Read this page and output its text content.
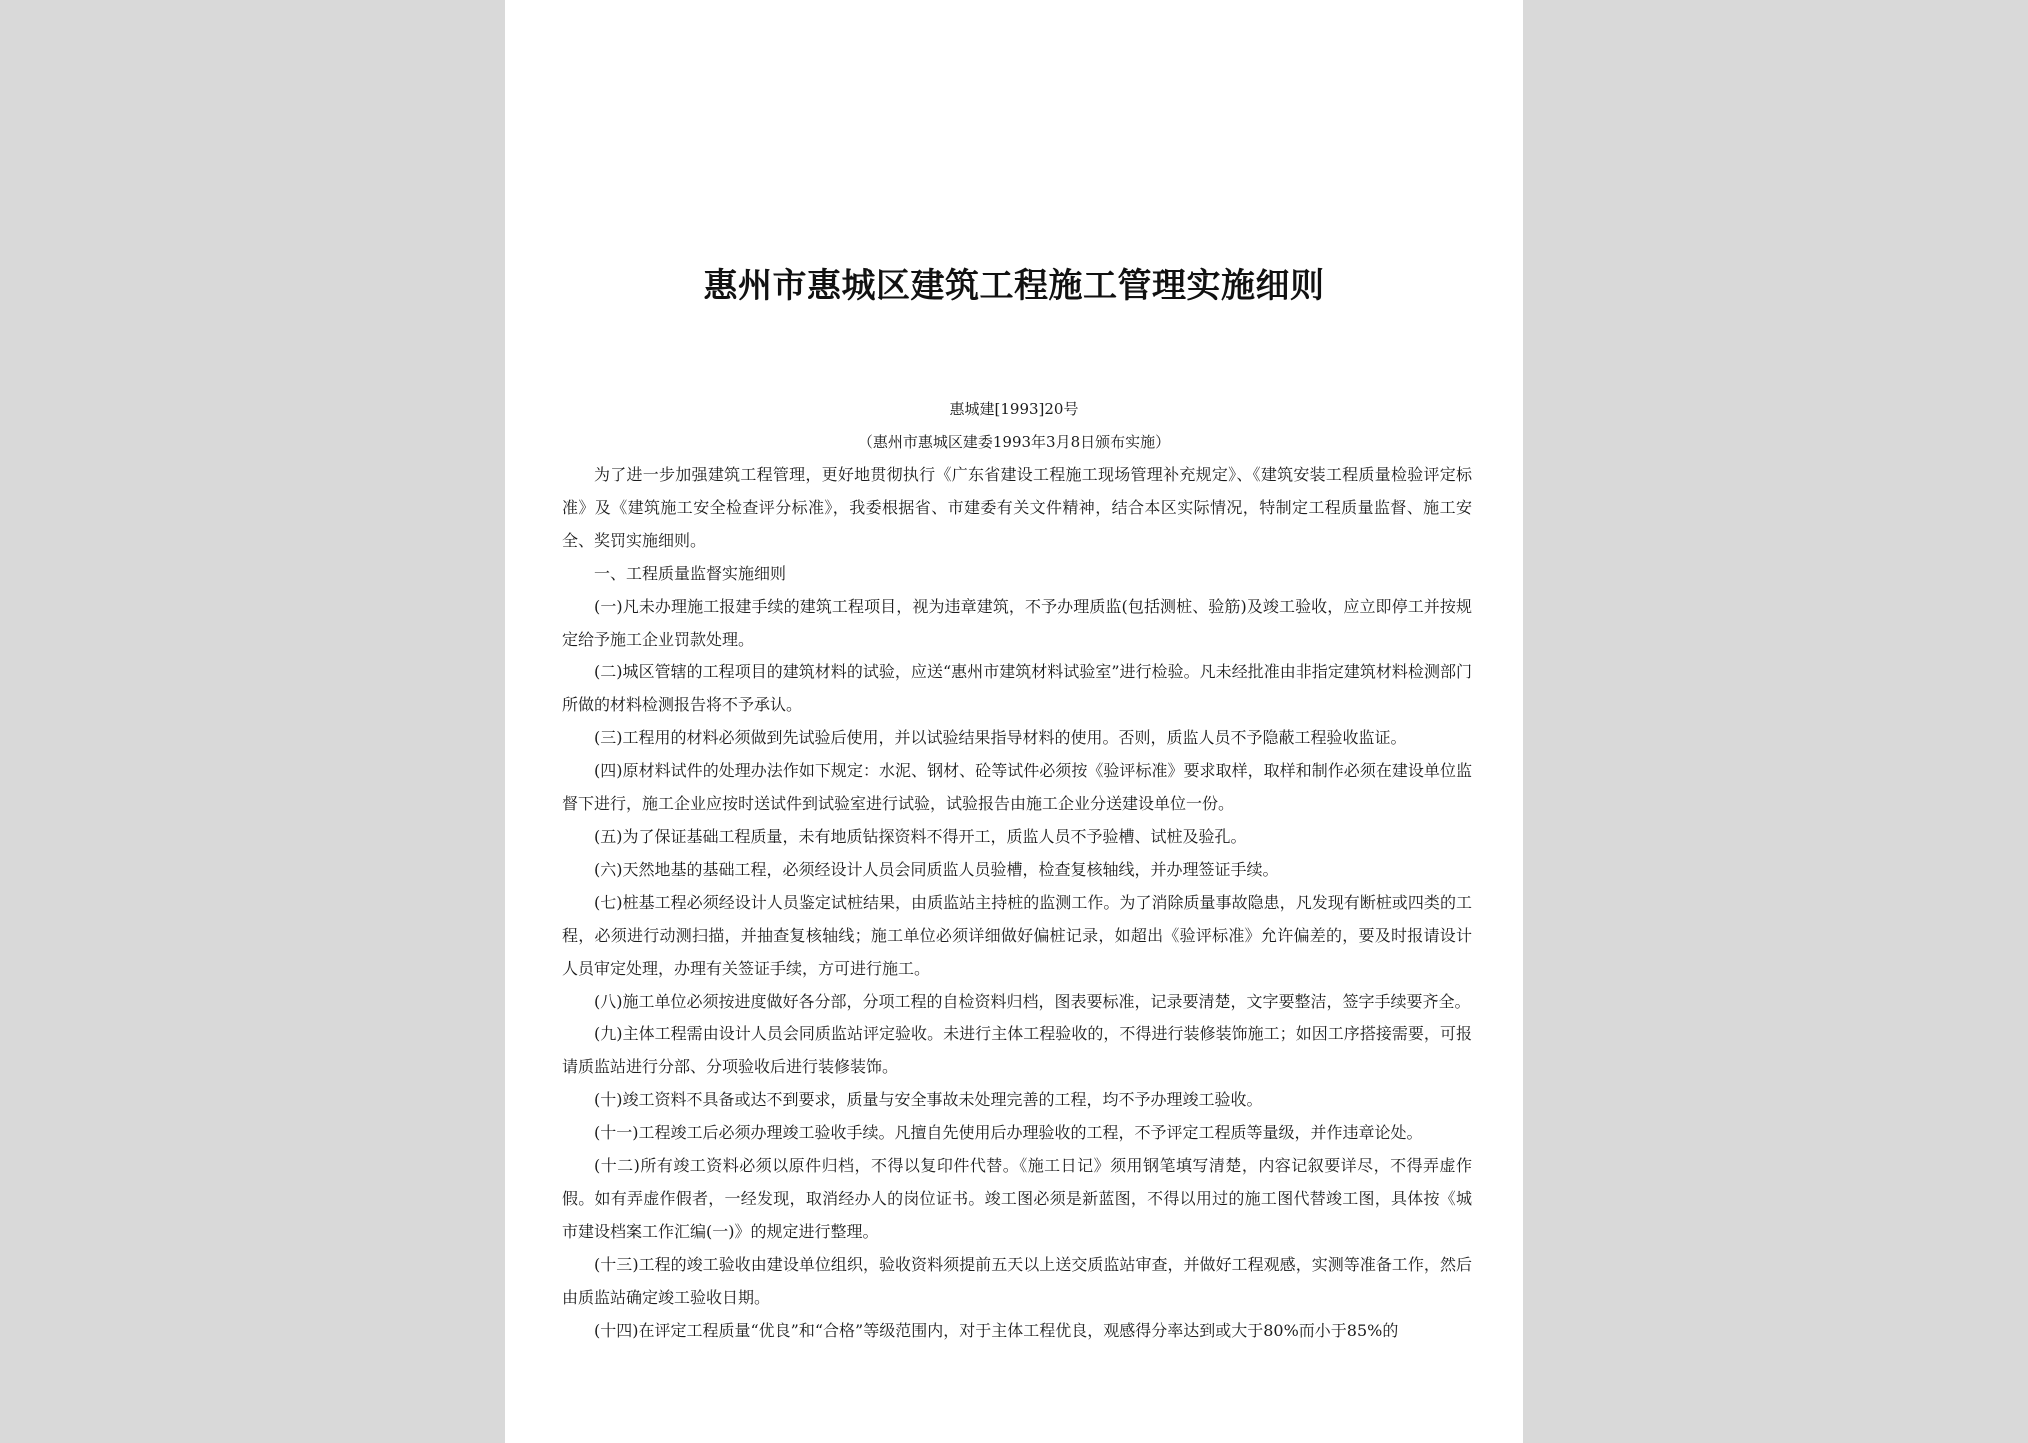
惠州市惠城区建筑工程施工管理实施细则
惠城建[1993]20号
（惠州市惠城区建委1993年3月8日颁布实施）

为了进一步加强建筑工程管理，更好地贯彻执行《广东省建设工程施工现场管理补充规定》、《建筑安装工程质量检验评定标准》及《建筑施工安全检查评分标准》，我委根据省、市建委有关文件精神，结合本区实际情况，特制定工程质量监督、施工安全、奖罚实施细则。

一、工程质量监督实施细则

(一)凡未办理施工报建手续的建筑工程项目，视为违章建筑，不予办理质监(包括测桩、验筋)及竣工验收，应立即停工并按规定给予施工企业罚款处理。

(二)城区管辖的工程项目的建筑材料的试验，应送“惠州市建筑材料试验室”进行检验。凡未经批准由非指定建筑材料检测部门所做的材料检测报告将不予承认。

(三)工程用的材料必须做到先试验后使用，并以试验结果指导材料的使用。否则，质监人员不予隐蔽工程验收监证。

(四)原材料试件的处理办法作如下规定：水泥、钢材、砼等试件必须按《验评标准》要求取样，取样和制作必须在建设单位监督下进行，施工企业应按时送试件到试验室进行试验，试验报告由施工企业分送建设单位一份。

(五)为了保证基础工程质量，未有地质钻探资料不得开工，质监人员不予验槽、试桩及验孔。

(六)天然地基的基础工程，必须经设计人员会同质监人员验槽，检查复核轴线，并办理签证手续。

(七)桩基工程必须经设计人员鉴定试桩结果，由质监站主持桩的监测工作。为了消除质量事故隐患，凡发现有断桩或四类的工程，必须进行动测扫描，并抽查复核轴线；施工单位必须详细做好偏桩记录，如超出《验评标准》允许偏差的，要及时报请设计人员审定处理，办理有关签证手续，方可进行施工。

(八)施工单位必须按进度做好各分部，分项工程的自检资料归档，图表要标准，记录要清楚，文字要整洁，签字手续要齐全。

(九)主体工程需由设计人员会同质监站评定验收。未进行主体工程验收的，不得进行装修装饰施工；如因工序搭接需要，可报请质监站进行分部、分项验收后进行装修装饰。

(十)竣工资料不具备或达不到要求，质量与安全事故未处理完善的工程，均不予办理竣工验收。

(十一)工程竣工后必须办理竣工验收手续。凡擅自先使用后办理验收的工程，不予评定工程质等量级，并作违章论处。

(十二)所有竣工资料必须以原件归档，不得以复印件代替。《施工日记》须用钢笔填写清楚，内容记叙要详尽，不得弄虚作假。如有弄虚作假者，一经发现，取消经办人的岗位证书。竣工图必须是新蓝图，不得以用过的施工图代替竣工图，具体按《城市建设档案工作汇编(一)》的规定进行整理。

(十三)工程的竣工验收由建设单位组织，验收资料须提前五天以上送交质监站审查，并做好工程观感，实测等准备工作，然后由质监站确定竣工验收日期。

(十四)在评定工程质量“优良”和“合格”等级范围内，对于主体工程优良，观感得分率达到或大于80%而小于85%的
